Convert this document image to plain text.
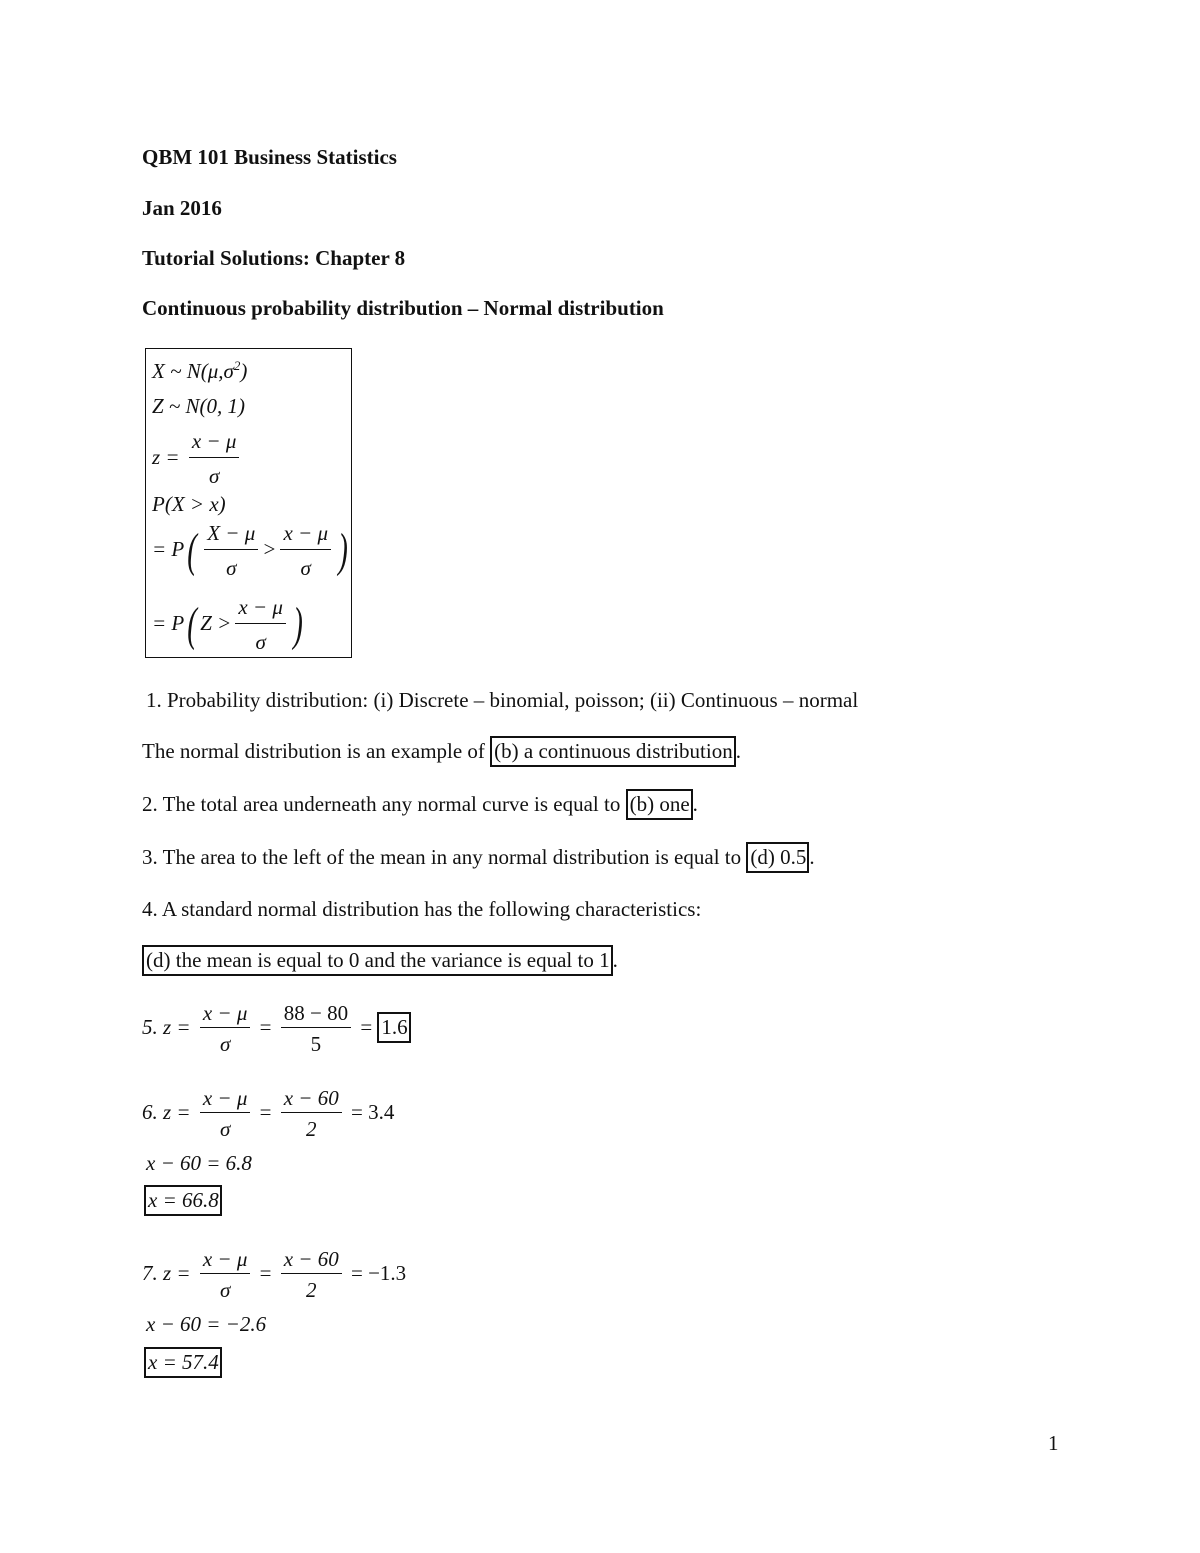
QBM 101 Business Statistics
Jan 2016
Tutorial Solutions: Chapter 8
Continuous probability distribution – Normal distribution
X ~ $N(\mu,\sigma^2)$
Z ~ N(0, 1)
$z = \frac{x - \mu}{\sigma}$
P(X > x)
= $P( \frac{X - \mu}{\sigma} > \frac{x - \mu}{\sigma}$ )
= P( $Z > \frac{x - \mu}{\sigma}$ )
1. Probability distribution: (i) Discrete – binomial, poisson; (ii) Continuous – normal
The normal distribution is an example of (b) a continuous distribution .
2. The total area underneath any normal curve is equal to (b) one .
3. The area to the left of the mean in any normal distribution is equal to (d) 0.5 .
4. A standard normal distribution has the following characteristics:
(d) the mean is equal to 0 and the variance is equal to 1 .
5. $z = \frac{x - \mu}{\sigma} = \frac{88 - 80}{5} = 1.6$
6. $z = \frac{x - \mu}{\sigma} = \frac{x - 60}{2} = 3.4$
x − 60 = 6.8
x = 66.8
7. $z = \frac{x - \mu}{\sigma} = \frac{x - 60}{2} = -1.3$
x − 60 = −2.6
x = 57.4
1
